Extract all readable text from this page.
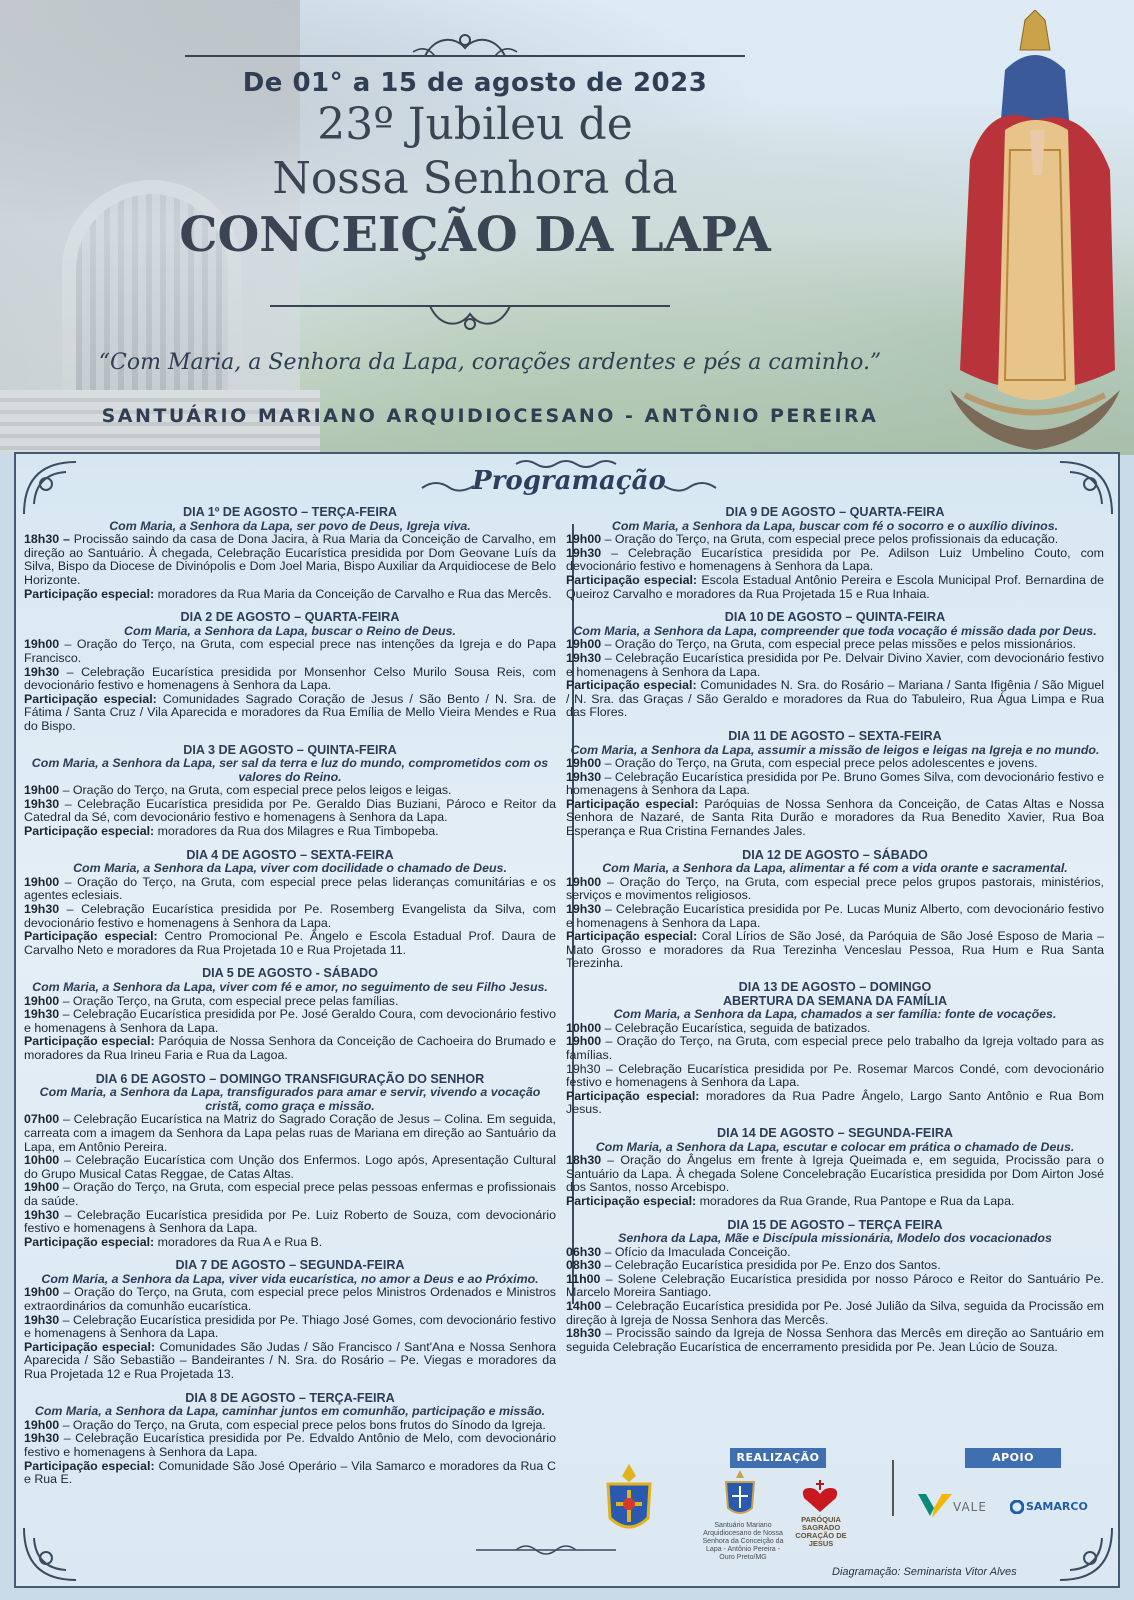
De 01° a 15 de agosto de 2023
23º Jubileu de
Nossa Senhora da
CONCEIÇÃO DA LAPA
“Com Maria, a Senhora da Lapa, corações ardentes e pés a caminho.”
SANTUÁRIO MARIANO ARQUIDIOCESANO - ANTÔNIO PEREIRA
Programação
DIA 1º DE AGOSTO – TERÇA-FEIRA
Com Maria, a Senhora da Lapa, ser povo de Deus, Igreja viva.
18h30 – Procissão saindo da casa de Dona Jacira, à Rua Maria da Conceição de Carvalho, em direção ao Santuário. À chegada, Celebração Eucarística presidida por Dom Geovane Luís da Silva, Bispo da Diocese de Divinópolis e Dom Joel Maria, Bispo Auxiliar da Arquidiocese de Belo Horizonte.
Participação especial: moradores da Rua Maria da Conceição de Carvalho e Rua das Mercês.
DIA 2 DE AGOSTO – QUARTA-FEIRA
Com Maria, a Senhora da Lapa, buscar o Reino de Deus.
19h00 – Oração do Terço, na Gruta, com especial prece nas intenções da Igreja e do Papa Francisco.
19h30 – Celebração Eucarística presidida por Monsenhor Celso Murilo Sousa Reis, com devocionário festivo e homenagens à Senhora da Lapa.
Participação especial: Comunidades Sagrado Coração de Jesus / São Bento / N. Sra. de Fátima / Santa Cruz / Vila Aparecida e moradores da Rua Emília de Mello Vieira Mendes e Rua do Bispo.
DIA 3 DE AGOSTO – QUINTA-FEIRA
Com Maria, a Senhora da Lapa, ser sal da terra e luz do mundo, comprometidos com os valores do Reino.
19h00 – Oração do Terço, na Gruta, com especial prece pelos leigos e leigas.
19h30 – Celebração Eucarística presidida por Pe. Geraldo Dias Buziani, Pároco e Reitor da Catedral da Sé, com devocionário festivo e homenagens à Senhora da Lapa.
Participação especial: moradores da Rua dos Milagres e Rua Timbopeba.
DIA 4 DE AGOSTO – SEXTA-FEIRA
Com Maria, a Senhora da Lapa, viver com docilidade o chamado de Deus.
19h00 – Oração do Terço, na Gruta, com especial prece pelas lideranças comunitárias e os agentes eclesiais.
19h30 – Celebração Eucarística presidida por Pe. Rosemberg Evangelista da Silva, com devocionário festivo e homenagens à Senhora da Lapa.
Participação especial: Centro Promocional Pe. Ângelo e Escola Estadual Prof. Daura de Carvalho Neto e moradores da Rua Projetada 10 e Rua Projetada 11.
DIA 5 DE AGOSTO - SÁBADO
Com Maria, a Senhora da Lapa, viver com fé e amor, no seguimento de seu Filho Jesus.
19h00 – Oração Terço, na Gruta, com especial prece pelas famílias.
19h30 – Celebração Eucarística presidida por Pe. José Geraldo Coura, com devocionário festivo e homenagens à Senhora da Lapa.
Participação especial: Paróquia de Nossa Senhora da Conceição de Cachoeira do Brumado e moradores da Rua Irineu Faria e Rua da Lagoa.
DIA 6 DE AGOSTO – DOMINGO TRANSFIGURAÇÃO DO SENHOR
Com Maria, a Senhora da Lapa, transfigurados para amar e servir, vivendo a vocação cristã, como graça e missão.
07h00 – Celebração Eucarística na Matriz do Sagrado Coração de Jesus – Colina. Em seguida, carreata com a imagem da Senhora da Lapa pelas ruas de Mariana em direção ao Santuário da Lapa, em Antônio Pereira.
10h00 – Celebração Eucarística com Unção dos Enfermos. Logo após, Apresentação Cultural do Grupo Musical Catas Reggae, de Catas Altas.
19h00 – Oração do Terço, na Gruta, com especial prece pelas pessoas enfermas e profissionais da saúde.
19h30 – Celebração Eucarística presidida por Pe. Luiz Roberto de Souza, com devocionário festivo e homenagens à Senhora da Lapa.
Participação especial: moradores da Rua A e Rua B.
DIA 7 DE AGOSTO – SEGUNDA-FEIRA
Com Maria, a Senhora da Lapa, viver vida eucarística, no amor a Deus e ao Próximo.
19h00 – Oração do Terço, na Gruta, com especial prece pelos Ministros Ordenados e Ministros extraordinários da comunhão eucarística.
19h30 – Celebração Eucarística presidida por Pe. Thiago José Gomes, com devocionário festivo e homenagens à Senhora da Lapa.
Participação especial: Comunidades São Judas / São Francisco / Sant'Ana e Nossa Senhora Aparecida / São Sebastião – Bandeirantes / N. Sra. do Rosário – Pe. Viegas e moradores da Rua Projetada 12 e Rua Projetada 13.
DIA 8 DE AGOSTO – TERÇA-FEIRA
Com Maria, a Senhora da Lapa, caminhar juntos em comunhão, participação e missão.
19h00 – Oração do Terço, na Gruta, com especial prece pelos bons frutos do Sínodo da Igreja.
19h30 – Celebração Eucarística presidida por Pe. Edvaldo Antônio de Melo, com devocionário festivo e homenagens à Senhora da Lapa.
Participação especial: Comunidade São José Operário – Vila Samarco e moradores da Rua C e Rua E.
DIA 9 DE AGOSTO – QUARTA-FEIRA
Com Maria, a Senhora da Lapa, buscar com fé o socorro e o auxílio divinos.
19h00 – Oração do Terço, na Gruta, com especial prece pelos profissionais da educação.
19h30 – Celebração Eucarística presidida por Pe. Adilson Luiz Umbelino Couto, com devocionário festivo e homenagens à Senhora da Lapa.
Participação especial: Escola Estadual Antônio Pereira e Escola Municipal Prof. Bernardina de Queiroz Carvalho e moradores da Rua Projetada 15 e Rua Inhaia.
DIA 10 DE AGOSTO – QUINTA-FEIRA
Com Maria, a Senhora da Lapa, compreender que toda vocação é missão dada por Deus.
19h00 – Oração do Terço, na Gruta, com especial prece pelas missões e pelos missionários.
19h30 – Celebração Eucarística presidida por Pe. Delvair Divino Xavier, com devocionário festivo e homenagens à Senhora da Lapa.
Participação especial: Comunidades N. Sra. do Rosário – Mariana / Santa Ifigênia / São Miguel / N. Sra. das Graças / São Geraldo e moradores da Rua do Tabuleiro, Rua Água Limpa e Rua das Flores.
DIA 11 DE AGOSTO – SEXTA-FEIRA
Com Maria, a Senhora da Lapa, assumir a missão de leigos e leigas na Igreja e no mundo.
19h00 – Oração do Terço, na Gruta, com especial prece pelos adolescentes e jovens.
19h30 – Celebração Eucarística presidida por Pe. Bruno Gomes Silva, com devocionário festivo e homenagens à Senhora da Lapa.
Participação especial: Paróquias de Nossa Senhora da Conceição, de Catas Altas e Nossa Senhora de Nazaré, de Santa Rita Durão e moradores da Rua Benedito Xavier, Rua Boa Esperança e Rua Cristina Fernandes Jales.
DIA 12 DE AGOSTO – SÁBADO
Com Maria, a Senhora da Lapa, alimentar a fé com a vida orante e sacramental.
19h00 – Oração do Terço, na Gruta, com especial prece pelos grupos pastorais, ministérios, serviços e movimentos religiosos.
19h30 – Celebração Eucarística presidida por Pe. Lucas Muniz Alberto, com devocionário festivo e homenagens à Senhora da Lapa.
Participação especial: Coral Lírios de São José, da Paróquia de São José Esposo de Maria – Mato Grosso e moradores da Rua Terezinha Venceslau Pessoa, Rua Hum e Rua Santa Terezinha.
DIA 13 DE AGOSTO – DOMINGO
ABERTURA DA SEMANA DA FAMÍLIA
Com Maria, a Senhora da Lapa, chamados a ser família: fonte de vocações.
10h00 – Celebração Eucarística, seguida de batizados.
19h00 – Oração do Terço, na Gruta, com especial prece pelo trabalho da Igreja voltado para as famílias.
19h30 – Celebração Eucarística presidida por Pe. Rosemar Marcos Condé, com devocionário festivo e homenagens à Senhora da Lapa.
Participação especial: moradores da Rua Padre Ângelo, Largo Santo Antônio e Rua Bom Jesus.
DIA 14 DE AGOSTO – SEGUNDA-FEIRA
Com Maria, a Senhora da Lapa, escutar e colocar em prática o chamado de Deus.
18h30 – Oração do Ângelus em frente à Igreja Queimada e, em seguida, Procissão para o Santuário da Lapa. À chegada Solene Concelebração Eucarística presidida por Dom Airton José dos Santos, nosso Arcebispo.
Participação especial: moradores da Rua Grande, Rua Pantope e Rua da Lapa.
DIA 15 DE AGOSTO – TERÇA FEIRA
Senhora da Lapa, Mãe e Discípula missionária, Modelo dos vocacionados
06h30 – Ofício da Imaculada Conceição.
08h30 – Celebração Eucarística presidida por Pe. Enzo dos Santos.
11h00 – Solene Celebração Eucarística presidida por nosso Pároco e Reitor do Santuário Pe. Marcelo Moreira Santiago.
14h00 – Celebração Eucarística presidida por Pe. José Julião da Silva, seguida da Procissão em direção à Igreja de Nossa Senhora das Mercês.
18h30 – Procissão saindo da Igreja de Nossa Senhora das Mercês em direção ao Santuário em seguida Celebração Eucarística de encerramento presidida por Pe. Jean Lúcio de Souza.
REALIZAÇÃO	APOIO
Santuário Mariano Arquidiocesano de Nossa Senhora da Conceição da Lapa - Antônio Pereira - Ouro Preto/MG
PARÓQUIA SAGRADO CORAÇÃO DE JESUS
VALE	SAMARCO
Diagramação: Seminarista Vitor Alves
